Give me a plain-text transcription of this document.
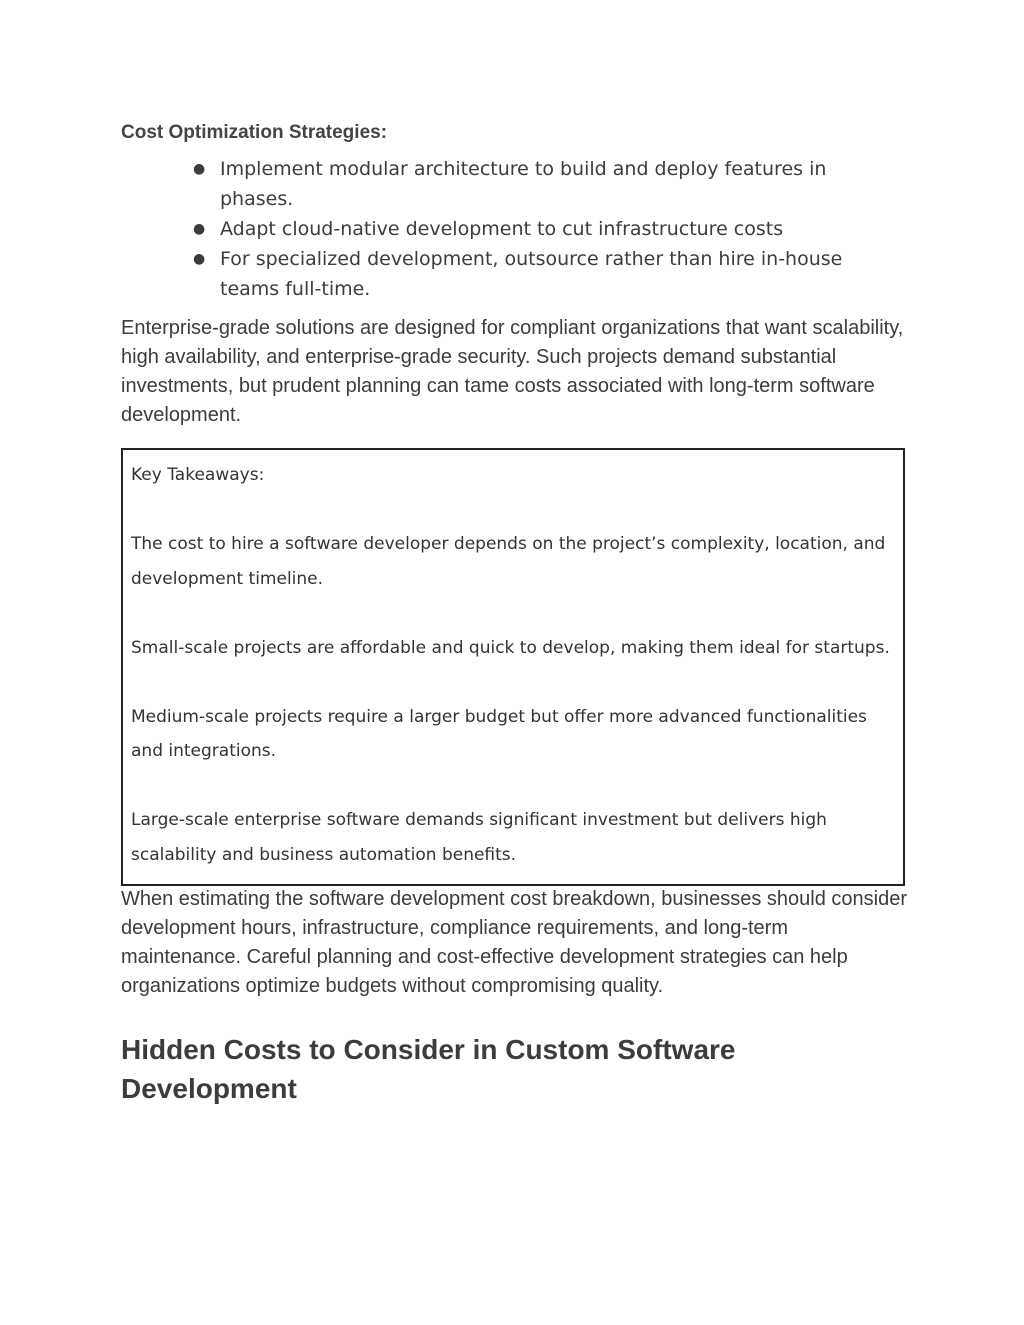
Cost Optimization Strategies:

● Implement modular architecture to build and deploy features in phases.
● Adapt cloud-native development to cut infrastructure costs
● For specialized development, outsource rather than hire in-house teams full-time.

Enterprise-grade solutions are designed for compliant organizations that want scalability, high availability, and enterprise-grade security. Such projects demand substantial investments, but prudent planning can tame costs associated with long-term software development.

Key Takeaways:

The cost to hire a software developer depends on the project’s complexity, location, and development timeline.

Small-scale projects are affordable and quick to develop, making them ideal for startups.

Medium-scale projects require a larger budget but offer more advanced functionalities and integrations.

Large-scale enterprise software demands significant investment but delivers high scalability and business automation benefits.

When estimating the software development cost breakdown, businesses should consider development hours, infrastructure, compliance requirements, and long-term maintenance. Careful planning and cost-effective development strategies can help organizations optimize budgets without compromising quality.

Hidden Costs to Consider in Custom Software Development
